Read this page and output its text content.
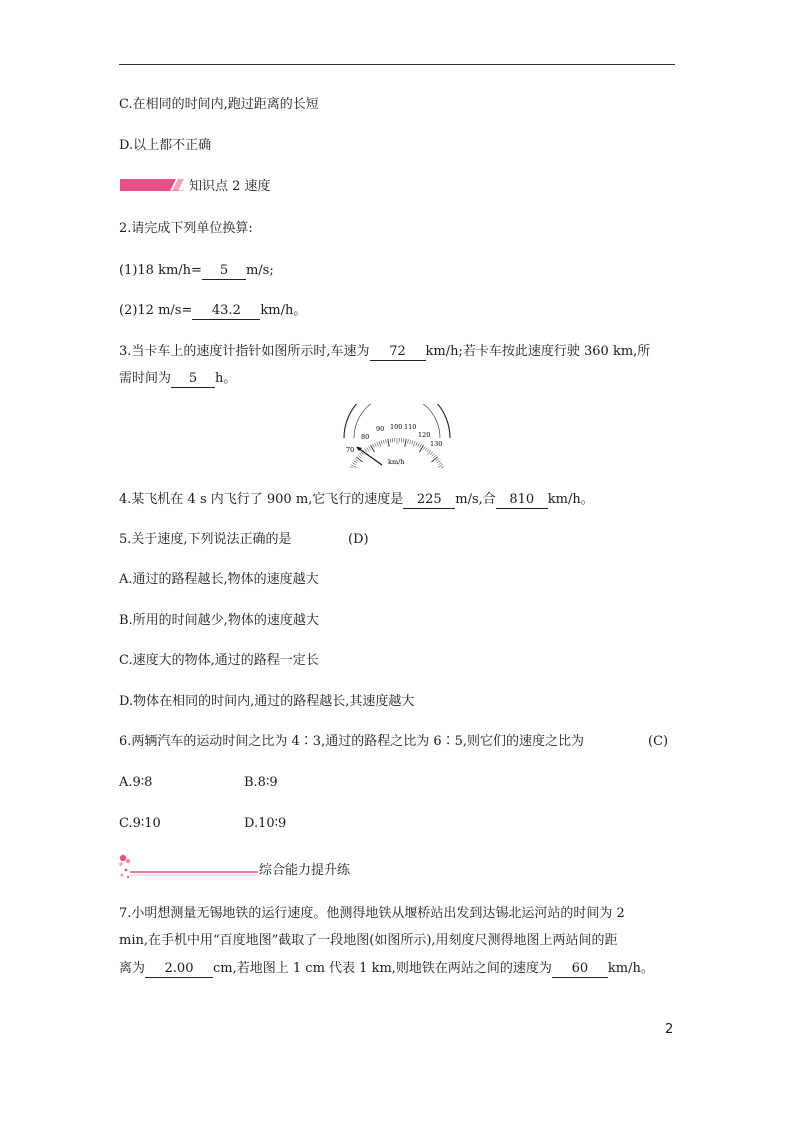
C.在相同的时间内,跑过距离的长短
D.以上都不正确
知识点 2 速度
2.请完成下列单位换算:
(1)18 km/h= 5 m/s;
(2)12 m/s= 43.2 km/h。
3.当卡车上的速度计指针如图所示时,车速为 72 km/h;若卡车按此速度行驶 360 km,所
需时间为 5 h。
70
80
90 100 110
120
130
km/h
4.某飞机在 4 s 内飞行了 900 m,它飞行的速度是 225 m/s,合 810 km/h。
5.关于速度,下列说法正确的是	(D)
A.通过的路程越长,物体的速度越大
B.所用的时间越少,物体的速度越大
C.速度大的物体,通过的路程一定长
D.物体在相同的时间内,通过的路程越长,其速度越大
6.两辆汽车的运动时间之比为 4∶3,通过的路程之比为 6∶5,则它们的速度之比为	(C)
A.9∶8	B.8∶9
C.9∶10	D.10∶9
综合能力提升练
7.小明想测量无锡地铁的运行速度。他测得地铁从堰桥站出发到达锡北运河站的时间为 2
min,在手机中用“百度地图”截取了一段地图(如图所示),用刻度尺测得地图上两站间的距
离为 2.00 cm,若地图上 1 cm 代表 1 km,则地铁在两站之间的速度为 60 km/h。
2
